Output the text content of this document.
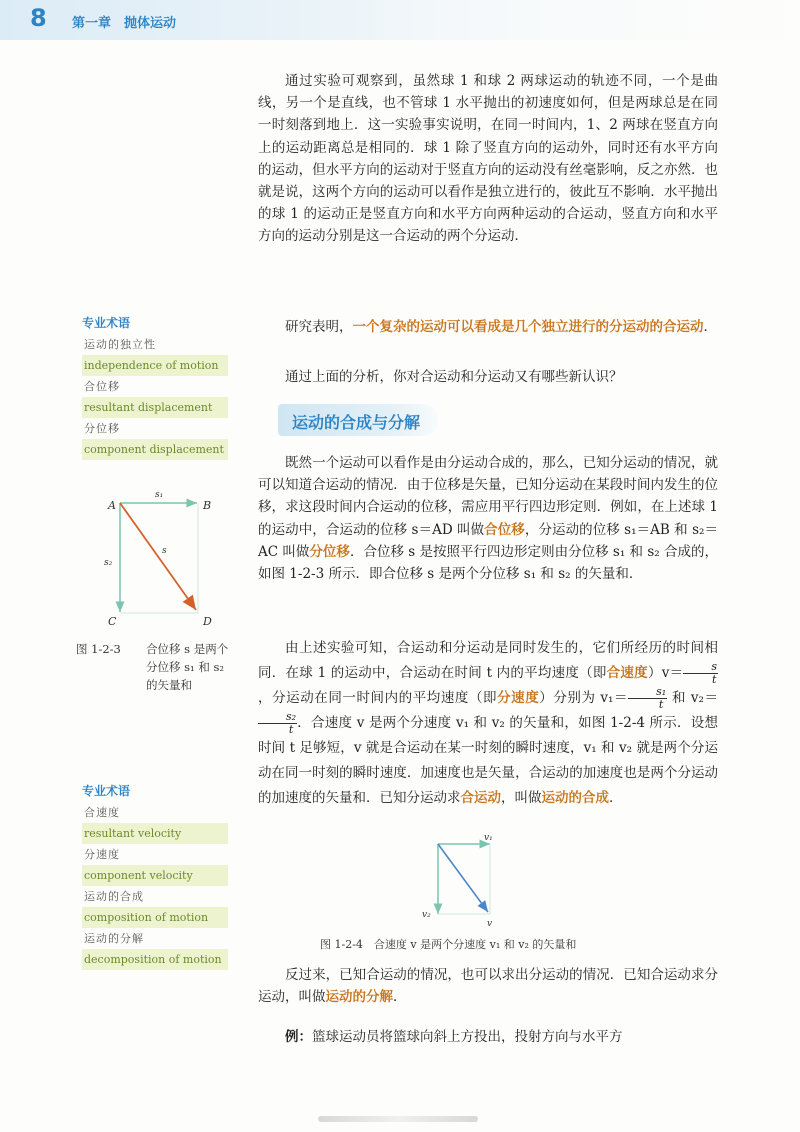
8 第一章　抛体运动

通过实验可观察到，虽然球 1 和球 2 两球运动的轨迹不同，一个是曲线，另一个是直线，也不管球 1 水平抛出的初速度如何，但是两球总是在同一时刻落到地上．这一实验事实说明，在同一时间内，1、2 两球在竖直方向上的运动距离总是相同的．球 1 除了竖直方向的运动外，同时还有水平方向的运动，但水平方向的运动对于竖直方向的运动没有丝毫影响，反之亦然．也就是说，这两个方向的运动可以看作是独立进行的，彼此互不影响．水平抛出的球 1 的运动正是竖直方向和水平方向两种运动的合运动，竖直方向和水平方向的运动分别是这一合运动的两个分运动．

研究表明，一个复杂的运动可以看成是几个独立进行的分运动的合运动．

通过上面的分析，你对合运动和分运动又有哪些新认识？

运动的合成与分解

既然一个运动可以看作是由分运动合成的，那么，已知分运动的情况，就可以知道合运动的情况．由于位移是矢量，已知分运动在某段时间内发生的位移，求这段时间内合运动的位移，需应用平行四边形定则．例如，在上述球 1 的运动中，合运动的位移 s＝AD 叫做合位移，分运动的位移 s₁＝AB 和 s₂＝AC 叫做分位移．合位移 s 是按照平行四边形定则由分位移 s₁ 和 s₂ 合成的，如图 1-2-3 所示．即合位移 s 是两个分位移 s₁ 和 s₂ 的矢量和．

由上述实验可知，合运动和分运动是同时发生的，它们所经历的时间相同．在球 1 的运动中，合运动在时间 t 内的平均速度（即合速度）$v= \frac{s}{t}$
，分运动在同一时间内的平均速度（即分速度）分别为 $v_1= \frac{\text{s₁}}{t}$ 和 v₂＝
$\frac{\text{s₂}}{t}$ ．合速度 v 是两个分速度 v₁ 和 v₂ 的矢量和，如图 1-2-4 所示．设想时间 t 足够短，v 就是合运动在某一时刻的瞬时速度，v₁ 和 v₂ 就是两个分运动在同一时刻的瞬时速度．加速度也是矢量，合运动的加速度也是两个分运动的加速度的矢量和．已知分运动求合运动，叫做运动的合成．

v₁
v₂
v
图 1-2-4　合速度 v 是两个分速度 v₁ 和 v₂ 的矢量和

反过来，已知合运动的情况，也可以求出分运动的情况．已知合运动求分运动，叫做运动的分解．

例：篮球运动员将篮球向斜上方投出，投射方向与水平方

专业术语
运动的独立性
independence of motion
合位移
resultant displacement
分位移
component displacement
A	B
C	D
s₁
s₂
s
图 1-2-3 合位移 s 是两个分位移 s₁ 和 s₂ 的矢量和
专业术语
合速度
resultant velocity
分速度
component velocity
运动的合成
composition of motion
运动的分解
decomposition of motion
